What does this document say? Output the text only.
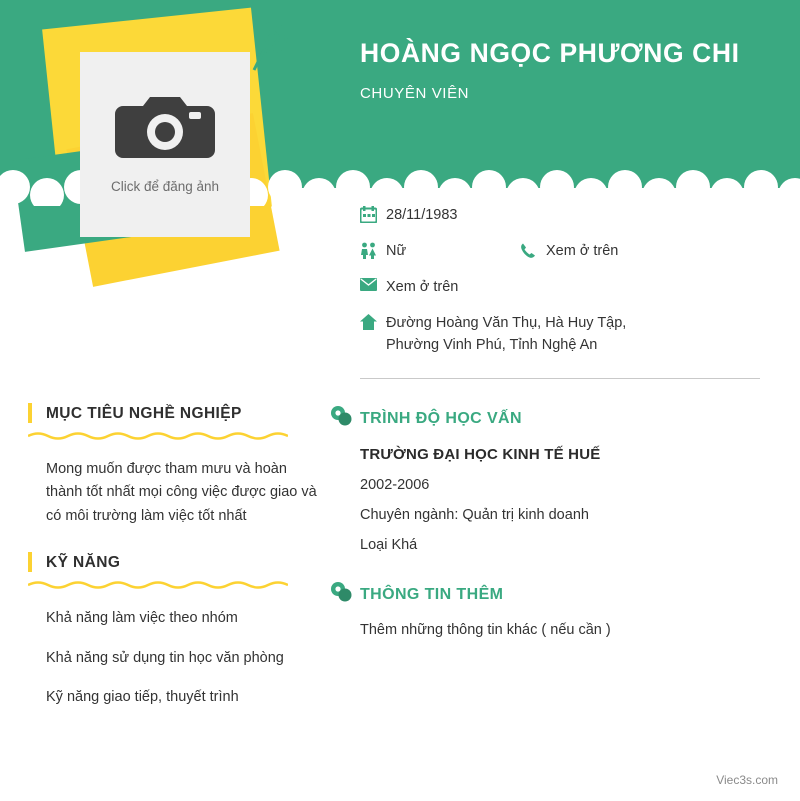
Click để đăng ảnh
HOÀNG NGỌC PHƯƠNG CHI
CHUYÊN VIÊN
28/11/1983
Nữ	Xem ở trên
Xem ở trên
Đường Hoàng Văn Thụ, Hà Huy Tập,
Phường Vinh Phú, Tỉnh Nghệ An
MỤC TIÊU NGHỀ NGHIỆP
Mong muốn được tham mưu và hoàn thành tốt nhất mọi công việc được giao và có môi trường làm việc tốt nhất
KỸ NĂNG
Khả năng làm việc theo nhóm
Khả năng sử dụng tin học văn phòng
Kỹ năng giao tiếp, thuyết trình
TRÌNH ĐỘ HỌC VẤN
TRƯỜNG ĐẠI HỌC KINH TẾ HUẾ
2002-2006
Chuyên ngành: Quản trị kinh doanh
Loại Khá
THÔNG TIN THÊM
Thêm những thông tin khác ( nếu cần )
Viec3s.com
